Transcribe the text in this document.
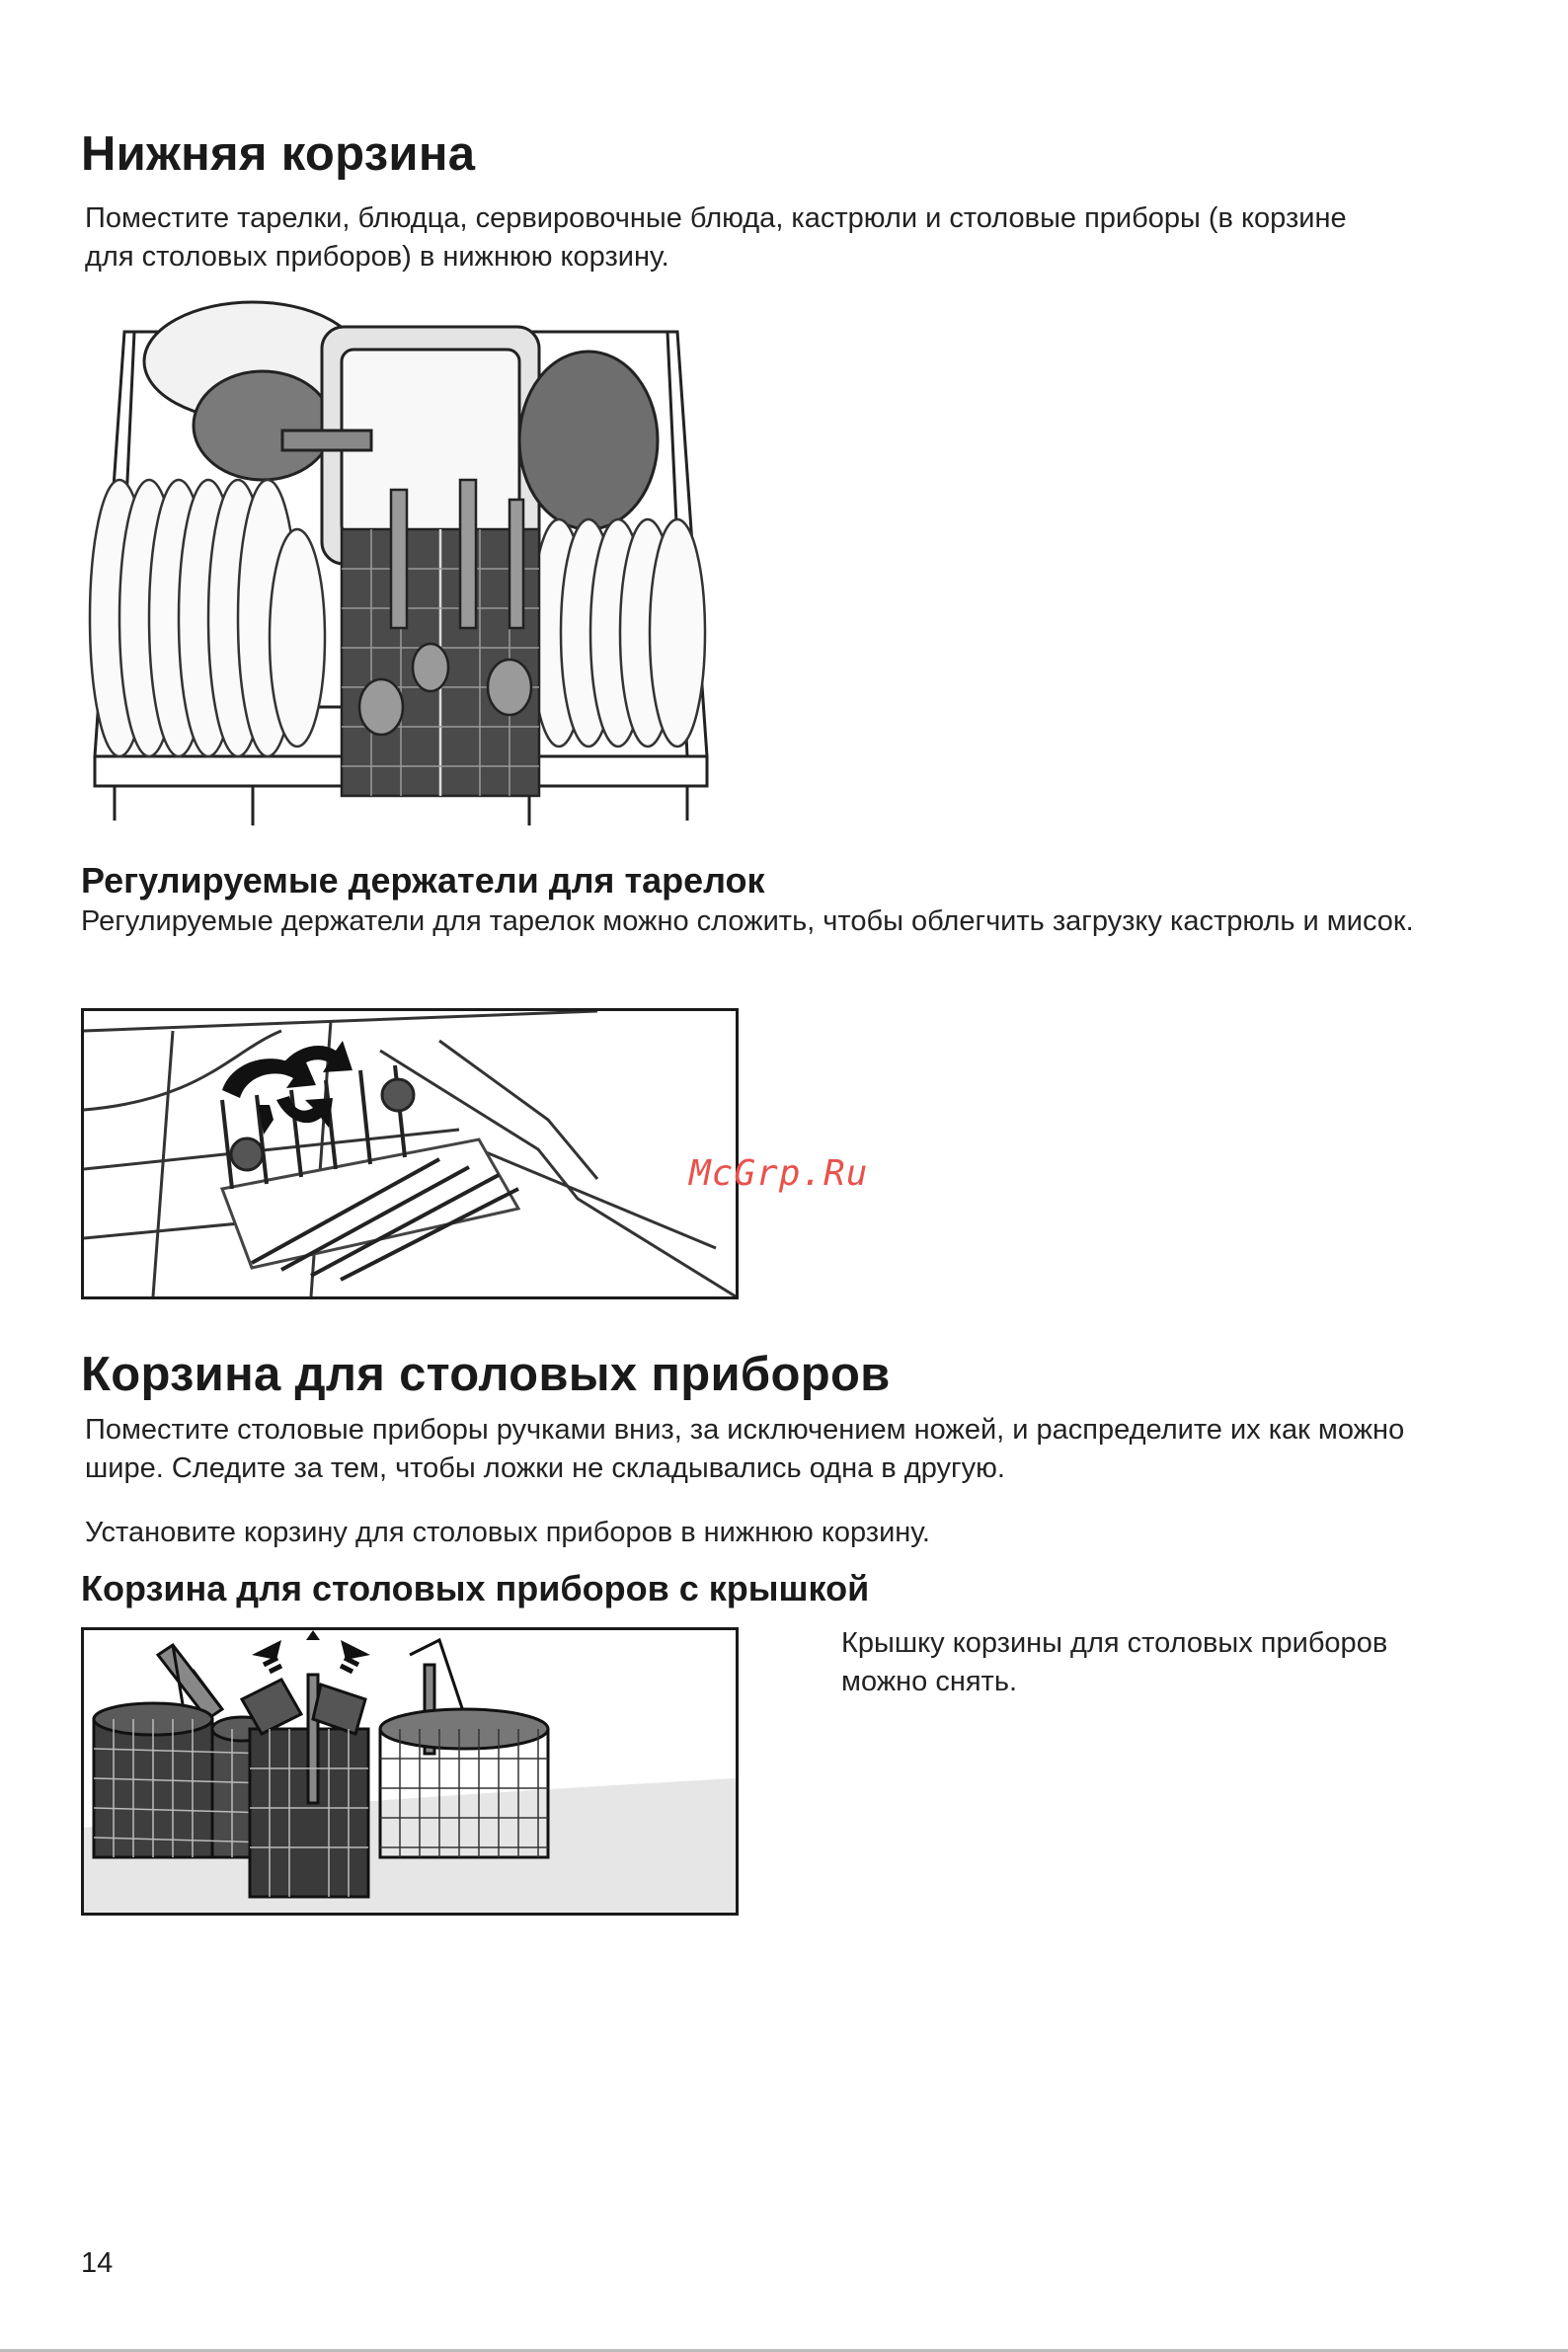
Нижняя корзина

Поместите тарелки, блюдца, сервировочные блюда, кастрюли и столовые приборы (в корзине для столовых приборов) в нижнюю корзину.

Регулируемые держатели для тарелок

Регулируемые держатели для тарелок можно сложить, чтобы облегчить загрузку кастрюль и мисок.

McGrp.Ru
Корзина для столовых приборов

Поместите столовые приборы ручками вниз, за исключением ножей, и распределите их как можно шире. Следите за тем, чтобы ложки не складывались одна в другую.

Установите корзину для столовых приборов в нижнюю корзину.

Корзина для столовых приборов с крышкой

Крышку корзины для столовых приборов можно снять.

14
